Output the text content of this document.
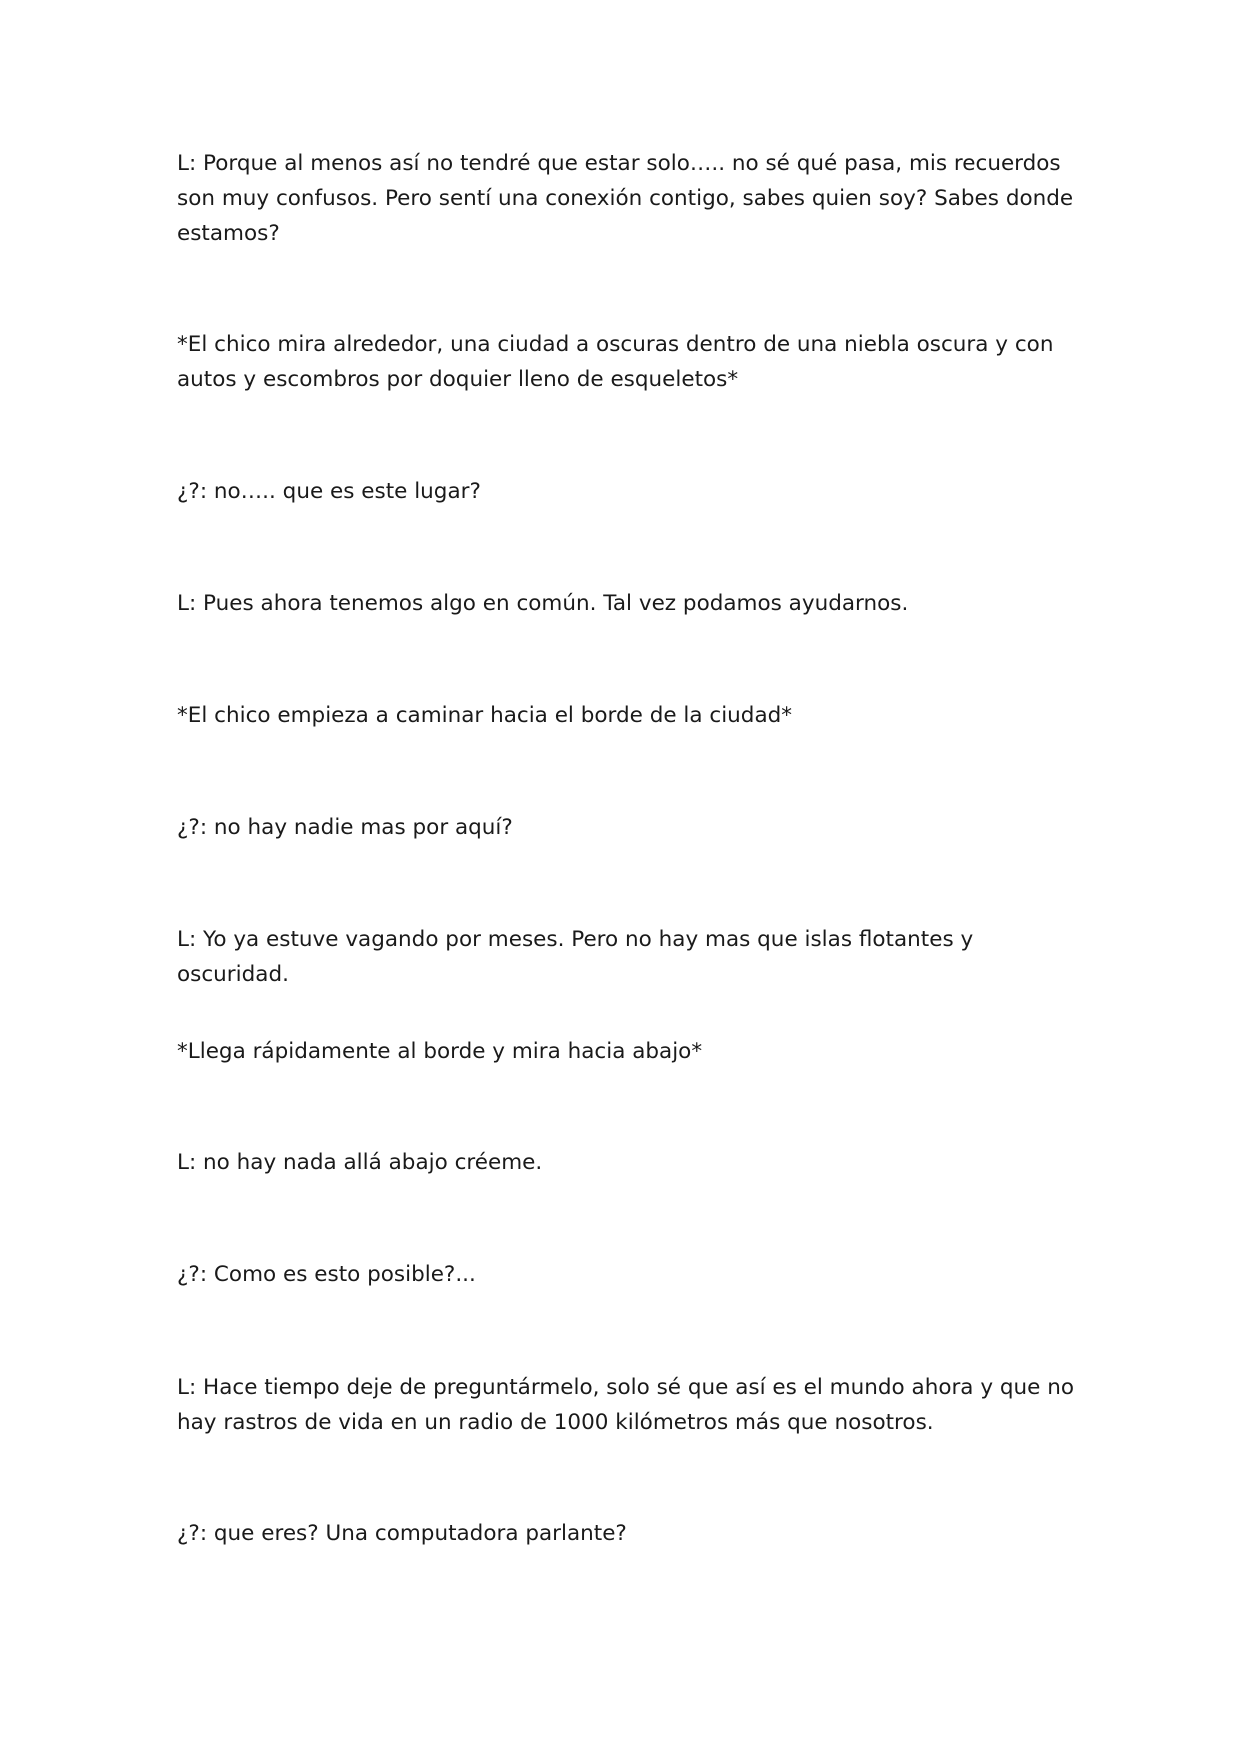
L: Porque al menos así no tendré que estar solo….. no sé qué pasa, mis recuerdos son muy confusos. Pero sentí una conexión contigo, sabes quien soy? Sabes donde estamos?

*El chico mira alrededor, una ciudad a oscuras dentro de una niebla oscura y con autos y escombros por doquier lleno de esqueletos*

¿?: no….. que es este lugar?

L: Pues ahora tenemos algo en común. Tal vez podamos ayudarnos.

*El chico empieza a caminar hacia el borde de la ciudad*

¿?: no hay nadie mas por aquí?

L: Yo ya estuve vagando por meses. Pero no hay mas que islas flotantes y oscuridad.

*Llega rápidamente al borde y mira hacia abajo*

L: no hay nada allá abajo créeme.

¿?: Como es esto posible?...

L: Hace tiempo deje de preguntármelo, solo sé que así es el mundo ahora y que no hay rastros de vida en un radio de 1000 kilómetros más que nosotros.

¿?: que eres? Una computadora parlante?
